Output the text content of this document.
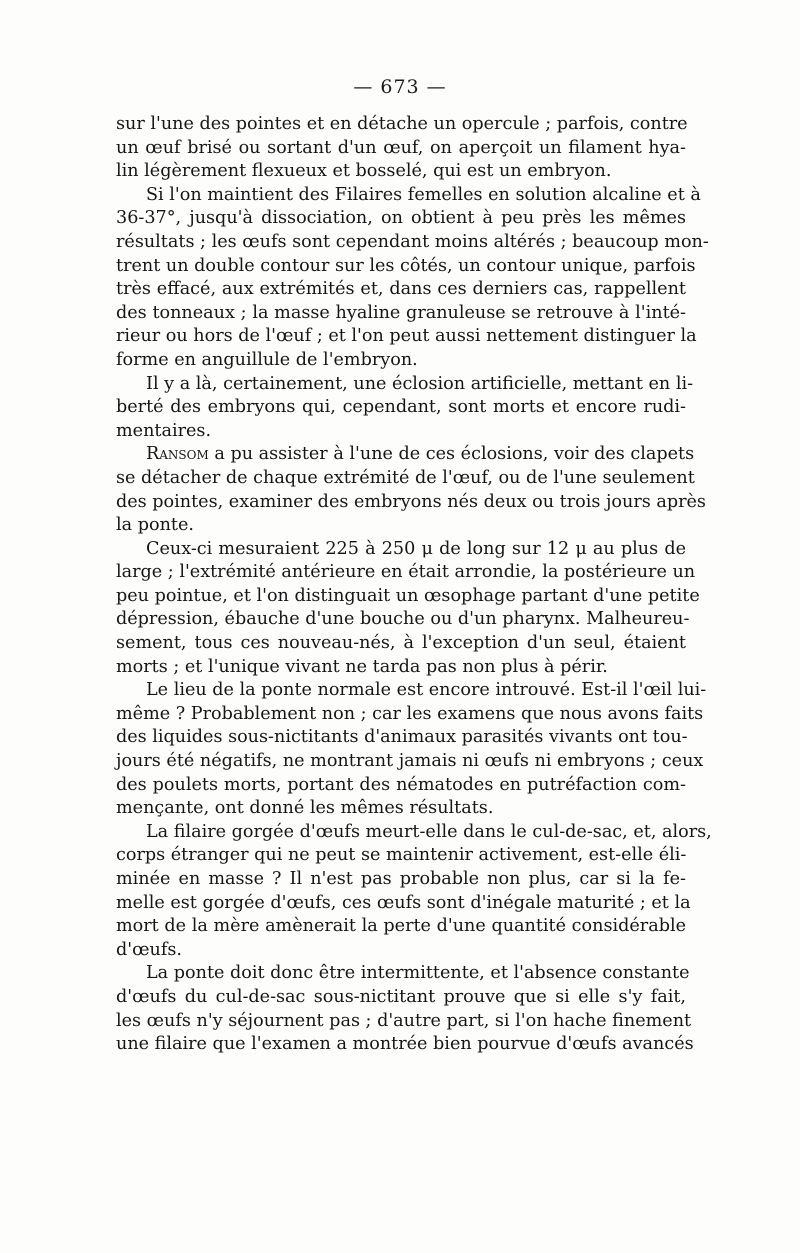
— 673 —
sur l'une des pointes et en détache un opercule ; parfois, contre
un œuf brisé ou sortant d'un œuf, on aperçoit un filament hya-
lin légèrement flexueux et bosselé, qui est un embryon.
Si l'on maintient des Filaires femelles en solution alcaline et à
36-37°, jusqu'à dissociation, on obtient à peu près les mêmes
résultats ; les œufs sont cependant moins altérés ; beaucoup mon-
trent un double contour sur les côtés, un contour unique, parfois
très effacé, aux extrémités et, dans ces derniers cas, rappellent
des tonneaux ; la masse hyaline granuleuse se retrouve à l'inté-
rieur ou hors de l'œuf ; et l'on peut aussi nettement distinguer la
forme en anguillule de l'embryon.
Il y a là, certainement, une éclosion artificielle, mettant en li-
berté des embryons qui, cependant, sont morts et encore rudi-
mentaires.
Ransom a pu assister à l'une de ces éclosions, voir des clapets
se détacher de chaque extrémité de l'œuf, ou de l'une seulement
des pointes, examiner des embryons nés deux ou trois jours après
la ponte.
Ceux-ci mesuraient 225 à 250 μ de long sur 12 μ au plus de
large ; l'extrémité antérieure en était arrondie, la postérieure un
peu pointue, et l'on distinguait un œsophage partant d'une petite
dépression, ébauche d'une bouche ou d'un pharynx. Malheureu-
sement, tous ces nouveau-nés, à l'exception d'un seul, étaient
morts ; et l'unique vivant ne tarda pas non plus à périr.
Le lieu de la ponte normale est encore introuvé. Est-il l'œil lui-
même ? Probablement non ; car les examens que nous avons faits
des liquides sous-nictitants d'animaux parasités vivants ont tou-
jours été négatifs, ne montrant jamais ni œufs ni embryons ; ceux
des poulets morts, portant des nématodes en putréfaction com-
mençante, ont donné les mêmes résultats.
La filaire gorgée d'œufs meurt-elle dans le cul-de-sac, et, alors,
corps étranger qui ne peut se maintenir activement, est-elle éli-
minée en masse ? Il n'est pas probable non plus, car si la fe-
melle est gorgée d'œufs, ces œufs sont d'inégale maturité ; et la
mort de la mère amènerait la perte d'une quantité considérable
d'œufs.
La ponte doit donc être intermittente, et l'absence constante
d'œufs du cul-de-sac sous-nictitant prouve que si elle s'y fait,
les œufs n'y séjournent pas ; d'autre part, si l'on hache finement
une filaire que l'examen a montrée bien pourvue d'œufs avancés
